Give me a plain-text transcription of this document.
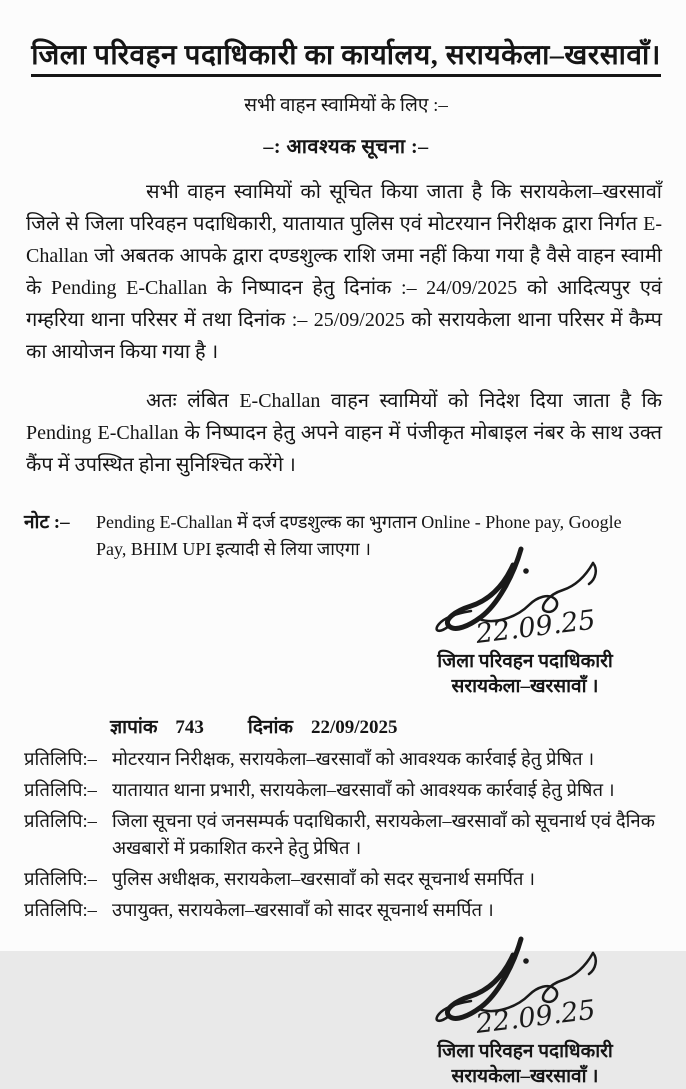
जिला परिवहन पदाधिकारी का कार्यालय, सरायकेला–खरसावाँ।
सभी वाहन स्वामियों के लिए :–
–: आवश्यक सूचना :–

सभी वाहन स्वामियों को सूचित किया जाता है कि सरायकेला–खरसावाँ जिले से जिला परिवहन पदाधिकारी, यातायात पुलिस एवं मोटरयान निरीक्षक द्वारा निर्गत E-Challan जो अबतक आपके द्वारा दण्डशुल्क राशि जमा नहीं किया गया है वैसे वाहन स्वामी के Pending E-Challan के निष्पादन हेतु दिनांक :– 24/09/2025 को आदित्यपुर एवं गम्हरिया थाना परिसर में तथा दिनांक :– 25/09/2025 को सरायकेला थाना परिसर में कैम्प का आयोजन किया गया है ।

अतः लंबित E-Challan वाहन स्वामियों को निदेश दिया जाता है कि Pending E-Challan के निष्पादन हेतु अपने वाहन में पंजीकृत मोबाइल नंबर के साथ उक्त कैंप में उपस्थित होना सुनिश्चित करेंगे ।

नोट :– Pending E-Challan में दर्ज दण्डशुल्क का भुगतान Online - Phone pay, Google Pay, BHIM UPI इत्यादी से लिया जाएगा ।
22.09.25
जिला परिवहन पदाधिकारी
सरायकेला–खरसावाँ ।
ज्ञापांक 743 दिनांक 22/09/2025
प्रतिलिपि:– मोटरयान निरीक्षक, सरायकेला–खरसावाँ को आवश्यक कार्रवाई हेतु प्रेषित ।
प्रतिलिपि:– यातायात थाना प्रभारी, सरायकेला–खरसावाँ को आवश्यक कार्रवाई हेतु प्रेषित ।
प्रतिलिपि:– जिला सूचना एवं जनसम्पर्क पदाधिकारी, सरायकेला–खरसावाँ को सूचनार्थ एवं दैनिक अखबारों में प्रकाशित करने हेतु प्रेषित ।
प्रतिलिपि:– पुलिस अधीक्षक, सरायकेला–खरसावाँ को सदर सूचनार्थ समर्पित ।
प्रतिलिपि:– उपायुक्त, सरायकेला–खरसावाँ को सादर सूचनार्थ समर्पित ।
22.09.25
जिला परिवहन पदाधिकारी
सरायकेला–खरसावाँ ।
